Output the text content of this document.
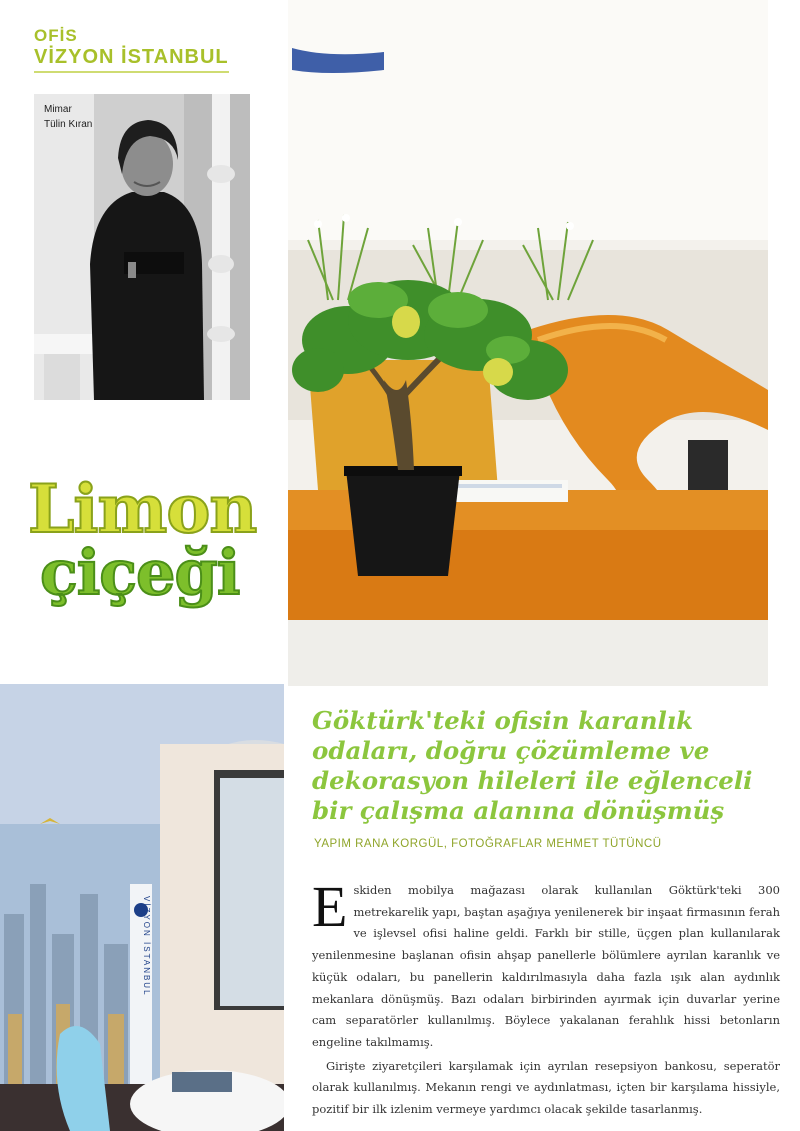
OFİS
VİZYON İSTANBUL
Mimar
Tülin Kıran
Limon
çiçeği
VİZYON İSTANBUL
Göktürk'teki ofisin karanlık odaları, doğru çözümleme ve dekorasyon hileleri ile eğlenceli bir çalışma alanına dönüşmüş
YAPIM RANA KORGÜL, FOTOĞRAFLAR MEHMET TÜTÜNCÜ

Eskiden mobilya mağazası olarak kullanılan Göktürk'teki 300 metrekarelik yapı, baştan aşağıya yenilenerek bir inşaat firmasının ferah ve işlevsel ofisi haline geldi. Farklı bir stille, üçgen plan kullanılarak yenilenmesine başlanan ofisin ahşap panellerle bölümlere ayrılan karanlık ve küçük odaları, bu panellerin kaldırılmasıyla daha fazla ışık alan aydınlık mekanlara dönüşmüş. Bazı odaları birbirinden ayırmak için duvarlar yerine cam separatörler kullanılmış. Böylece yakalanan ferahlık hissi betonların engeline takılmamış.

Girişte ziyaretçileri karşılamak için ayrılan resepsiyon bankosu, seperatör olarak kullanılmış. Mekanın rengi ve aydınlatması, içten bir karşılama hissiyle, pozitif bir ilk izlenim vermeye yardımcı olacak şekilde tasarlanmış.
